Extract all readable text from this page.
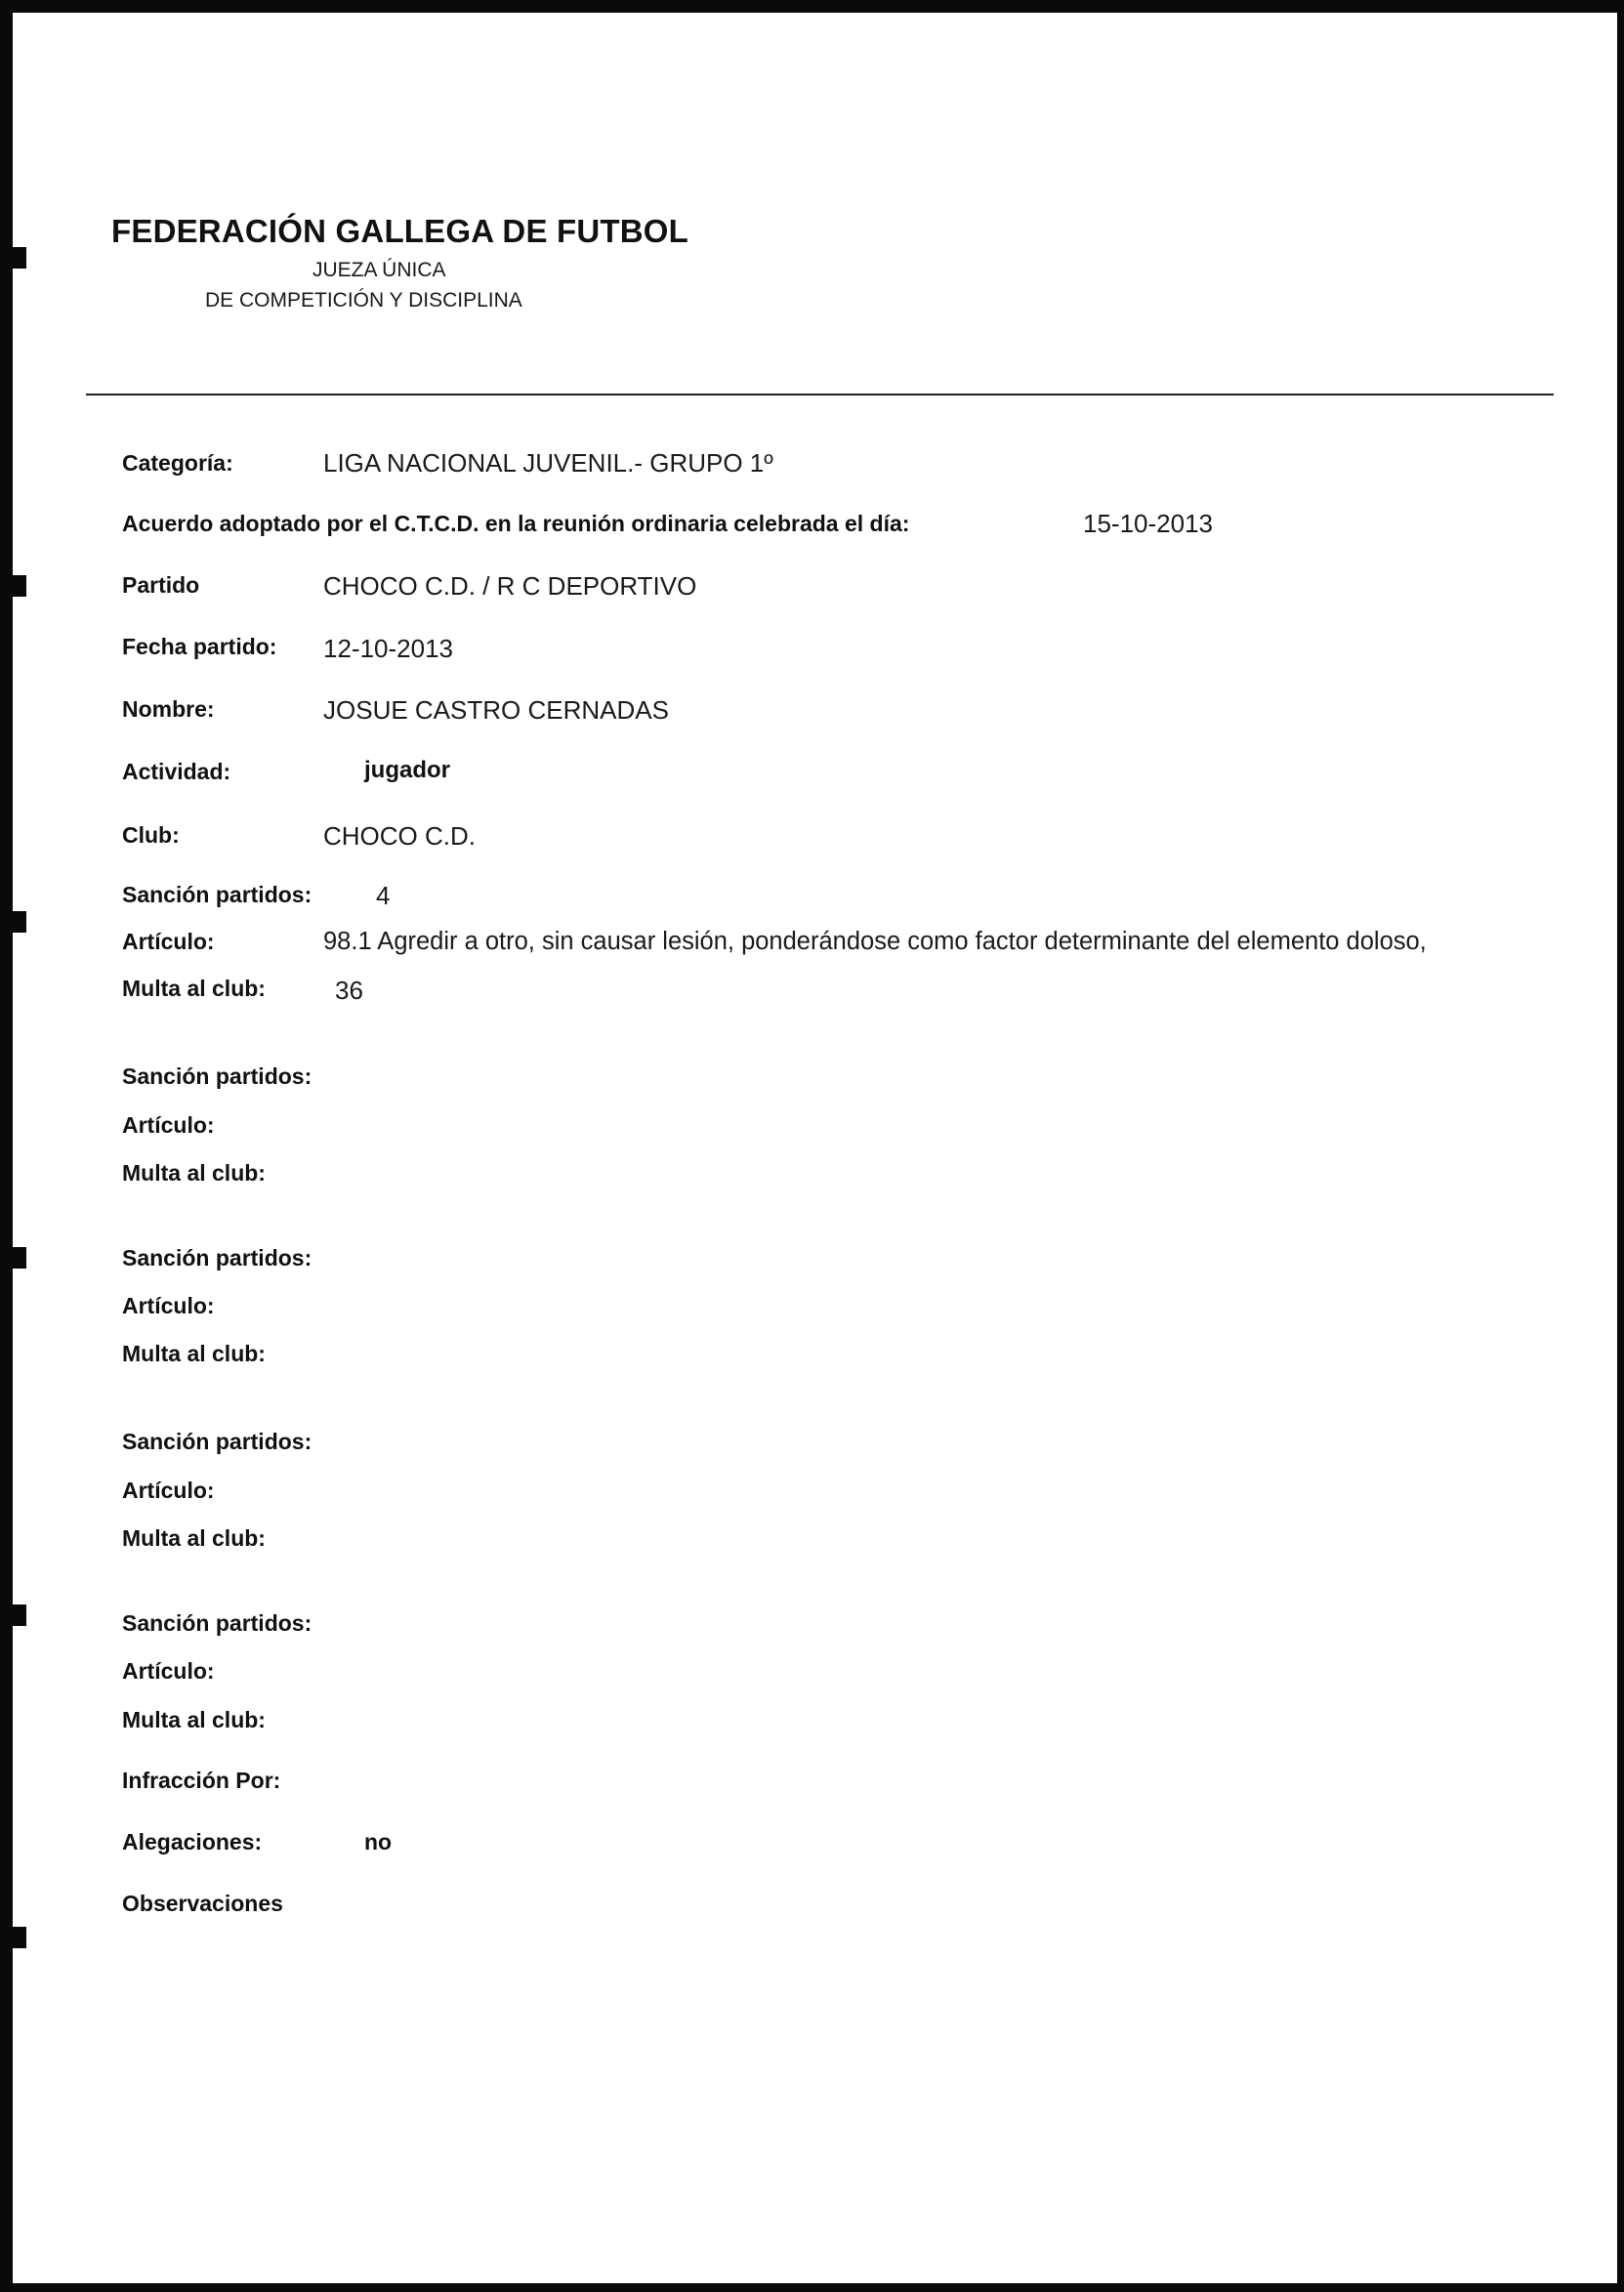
FEDERACIÓN GALLEGA DE FUTBOL
JUEZA ÚNICA
DE COMPETICIÓN Y DISCIPLINA
Categoría:	LIGA NACIONAL JUVENIL.- GRUPO 1º
Acuerdo adoptado por el C.T.C.D. en la reunión ordinaria celebrada el día:	15-10-2013
Partido	CHOCO C.D. / R C DEPORTIVO
Fecha partido: 12-10-2013
Nombre:	JOSUE CASTRO CERNADAS
Actividad:	jugador
Club:	CHOCO C.D.
Sanción partidos:	4
Artículo:	98.1 Agredir a otro, sin causar lesión, ponderándose como factor determinante del elemento doloso,
Multa al club:	36
Sanción partidos:
Artículo:
Multa al club:
Sanción partidos:
Artículo:
Multa al club:
Sanción partidos:
Artículo:
Multa al club:
Sanción partidos:
Artículo:
Multa al club:
Infracción Por:
Alegaciones:	no
Observaciones
